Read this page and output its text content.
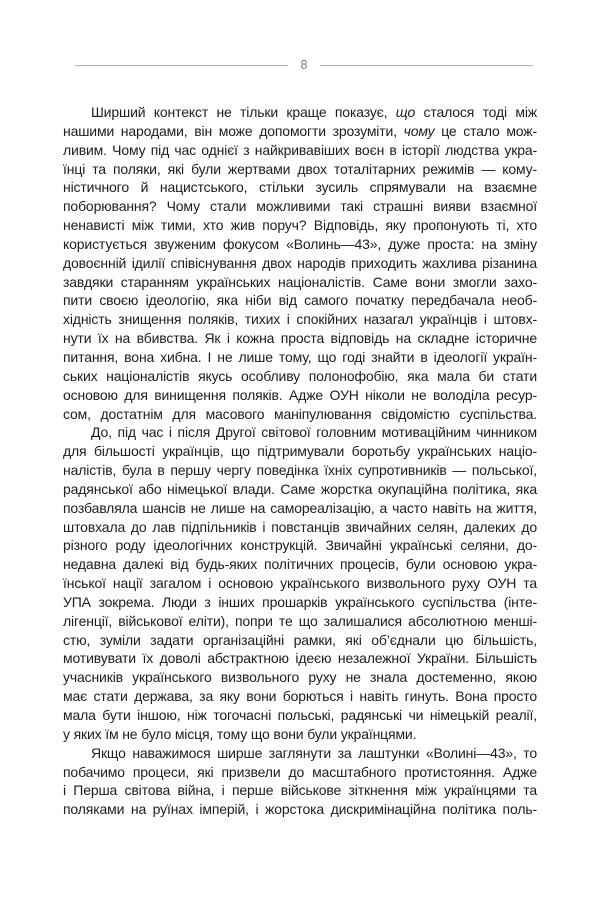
8
Ширший контекст не тільки краще показує, що сталося тоді між
нашими народами, він може допомогти зрозуміти, чому це стало мож-
ливим. Чому під час однієї з найкривавіших воєн в історії людства укра-
їнці та поляки, які були жертвами двох тоталітарних режимів — кому-
ністичного й нацистського, стільки зусиль спрямували на взаємне
поборювання? Чому стали можливими такі страшні вияви взаємної
ненависті між тими, хто жив поруч? Відповідь, яку пропонують ті, хто
користується звуженим фокусом «Волинь—43», дуже проста: на зміну
довоєнній ідилії співіснування двох народів приходить жахлива різанина
завдяки старанням українських націоналістів. Саме вони змогли захо-
пити своєю ідеологію, яка ніби від самого початку передбачала необ-
хідність знищення поляків, тихих і спокійних назагал українців і штовх-
нути їх на вбивства. Як і кожна проста відповідь на складне історичне
питання, вона хибна. І не лише тому, що годі знайти в ідеології україн-
ських націоналістів якусь особливу полонофобію, яка мала би стати
основою для винищення поляків. Адже ОУН ніколи не володіла ресур-
сом, достатнім для масового маніпулювання свідомістю суспільства.
До, під час і після Другої світової головним мотиваційним чинником
для більшості українців, що підтримували боротьбу українських націо-
налістів, була в першу чергу поведінка їхніх супротивників — польської,
радянської або німецької влади. Саме жорстка окупаційна політика, яка
позбавляла шансів не лише на самореалізацію, а часто навіть на життя,
штовхала до лав підпільників і повстанців звичайних селян, далеких до
різного роду ідеологічних конструкцій. Звичайні українські селяни, до-
недавна далекі від будь-яких політичних процесів, були основою укра-
їнської нації загалом і основою українського визвольного руху ОУН та
УПА зокрема. Люди з інших прошарків українського суспільства (інте-
лігенції, військової еліти), попри те що залишалися абсолютною менші-
стю, зуміли задати організаційні рамки, які об’єднали цю більшість,
мотивувати їх доволі абстрактною ідеєю незалежної України. Більшість
учасників українського визвольного руху не знала достеменно, якою
має стати держава, за яку вони борються і навіть гинуть. Вона просто
мала бути іншою, ніж тогочасні польські, радянські чи німецькій реалії,
у яких їм не було місця, тому що вони були українцями.
Якщо наважимося ширше заглянути за лаштунки «Волині—43», то
побачимо процеси, які призвели до масштабного протистояння. Адже
і Перша світова війна, і перше військове зіткнення між українцями та
поляками на руїнах імперій, і жорстока дискримінаційна політика поль-
